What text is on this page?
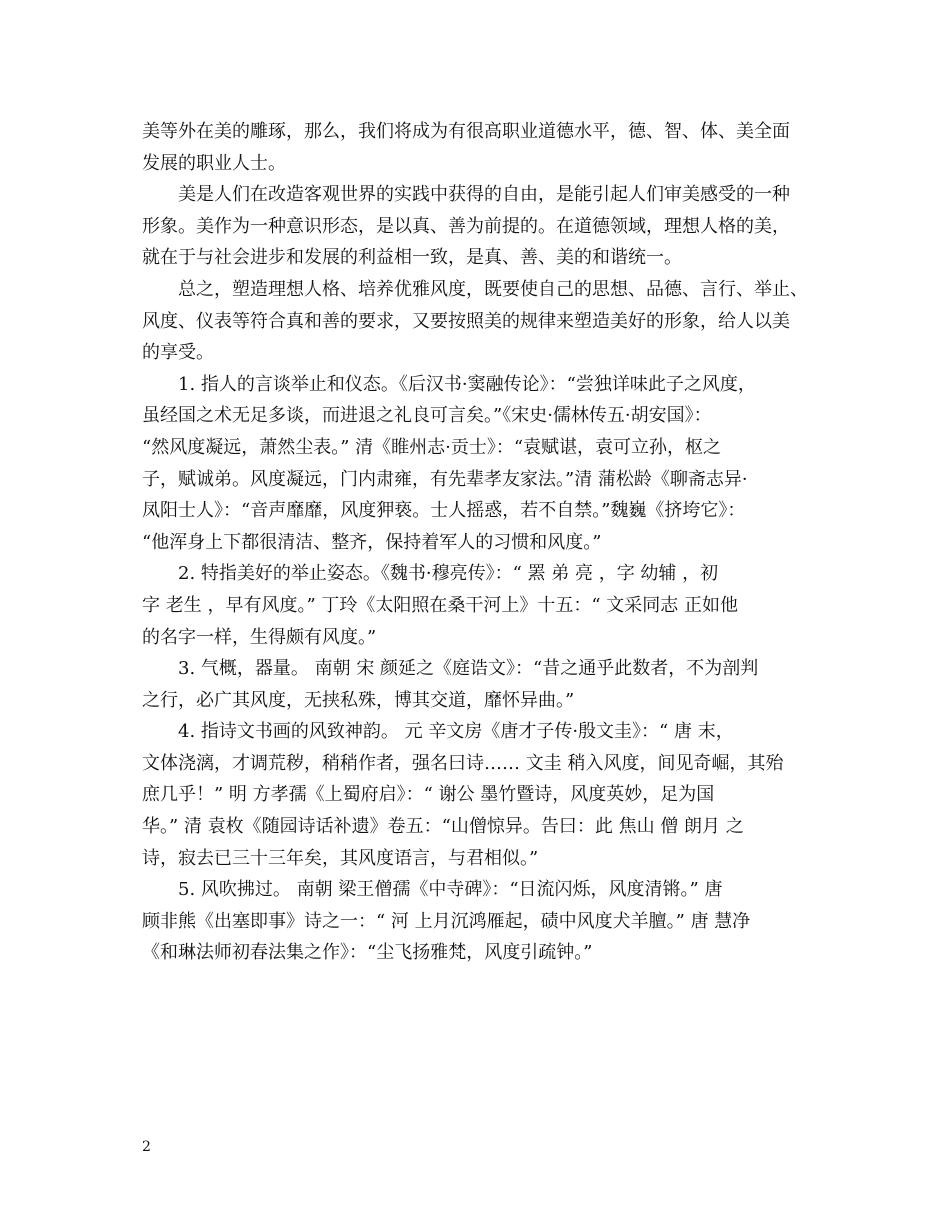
美等外在美的雕琢，那么，我们将成为有很高职业道德水平，德、智、体、美全面
发展的职业人士。
　　美是人们在改造客观世界的实践中获得的自由，是能引起人们审美感受的一种
形象。美作为一种意识形态，是以真、善为前提的。在道德领域，理想人格的美，
就在于与社会进步和发展的利益相一致，是真、善、美的和谐统一。
　　总之，塑造理想人格、培养优雅风度，既要使自己的思想、品德、言行、举止、
风度、仪表等符合真和善的要求，又要按照美的规律来塑造美好的形象，给人以美
的享受。
　　1. 指人的言谈举止和仪态。《后汉书·窦融传论》：“尝独详味此子之风度，
虽经国之术无足多谈，而进退之礼良可言矣。”《宋史·儒林传五·胡安国》：
“然风度凝远，萧然尘表。” 清《睢州志·贡士》：“袁赋谌，袁可立孙，枢之
子，赋诚弟。风度凝远，门内肃雍，有先辈孝友家法。”清 蒲松龄《聊斋志异·
凤阳士人》：“音声靡靡，风度狎亵。士人摇惑，若不自禁。”魏巍《挤垮它》：
“他浑身上下都很清洁、整齐，保持着军人的习惯和风度。”
　　2. 特指美好的举止姿态。《魏书·穆亮传》：“ 罴 弟 亮 ，字 幼辅 ，初
字 老生 ，早有风度。” 丁玲《太阳照在桑干河上》十五：“ 文采同志 正如他
的名字一样，生得颇有风度。”
　　3. 气概，器量。 南朝 宋 颜延之《庭诰文》：“昔之通乎此数者，不为剖判
之行，必广其风度，无挟私殊，博其交道，靡怀异曲。”
　　4. 指诗文书画的风致神韵。 元 辛文房《唐才子传·殷文圭》：“ 唐 末，
文体浇漓，才调荒秽，稍稍作者，强名曰诗…… 文圭 稍入风度，间见奇崛，其殆
庶几乎！” 明 方孝孺《上蜀府启》：“ 谢公 墨竹暨诗，风度英妙，足为国
华。” 清 袁枚《随园诗话补遗》卷五：“山僧惊异。告曰：此 焦山 僧 朗月 之
诗，寂去已三十三年矣，其风度语言，与君相似。”
　　5. 风吹拂过。 南朝 梁王僧孺《中寺碑》：“日流闪烁，风度清锵。” 唐
顾非熊《出塞即事》诗之一：“ 河 上月沉鸿雁起，碛中风度犬羊膻。” 唐 慧净
《和琳法师初春法集之作》：“尘飞扬雅梵，风度引疏钟。”
2
